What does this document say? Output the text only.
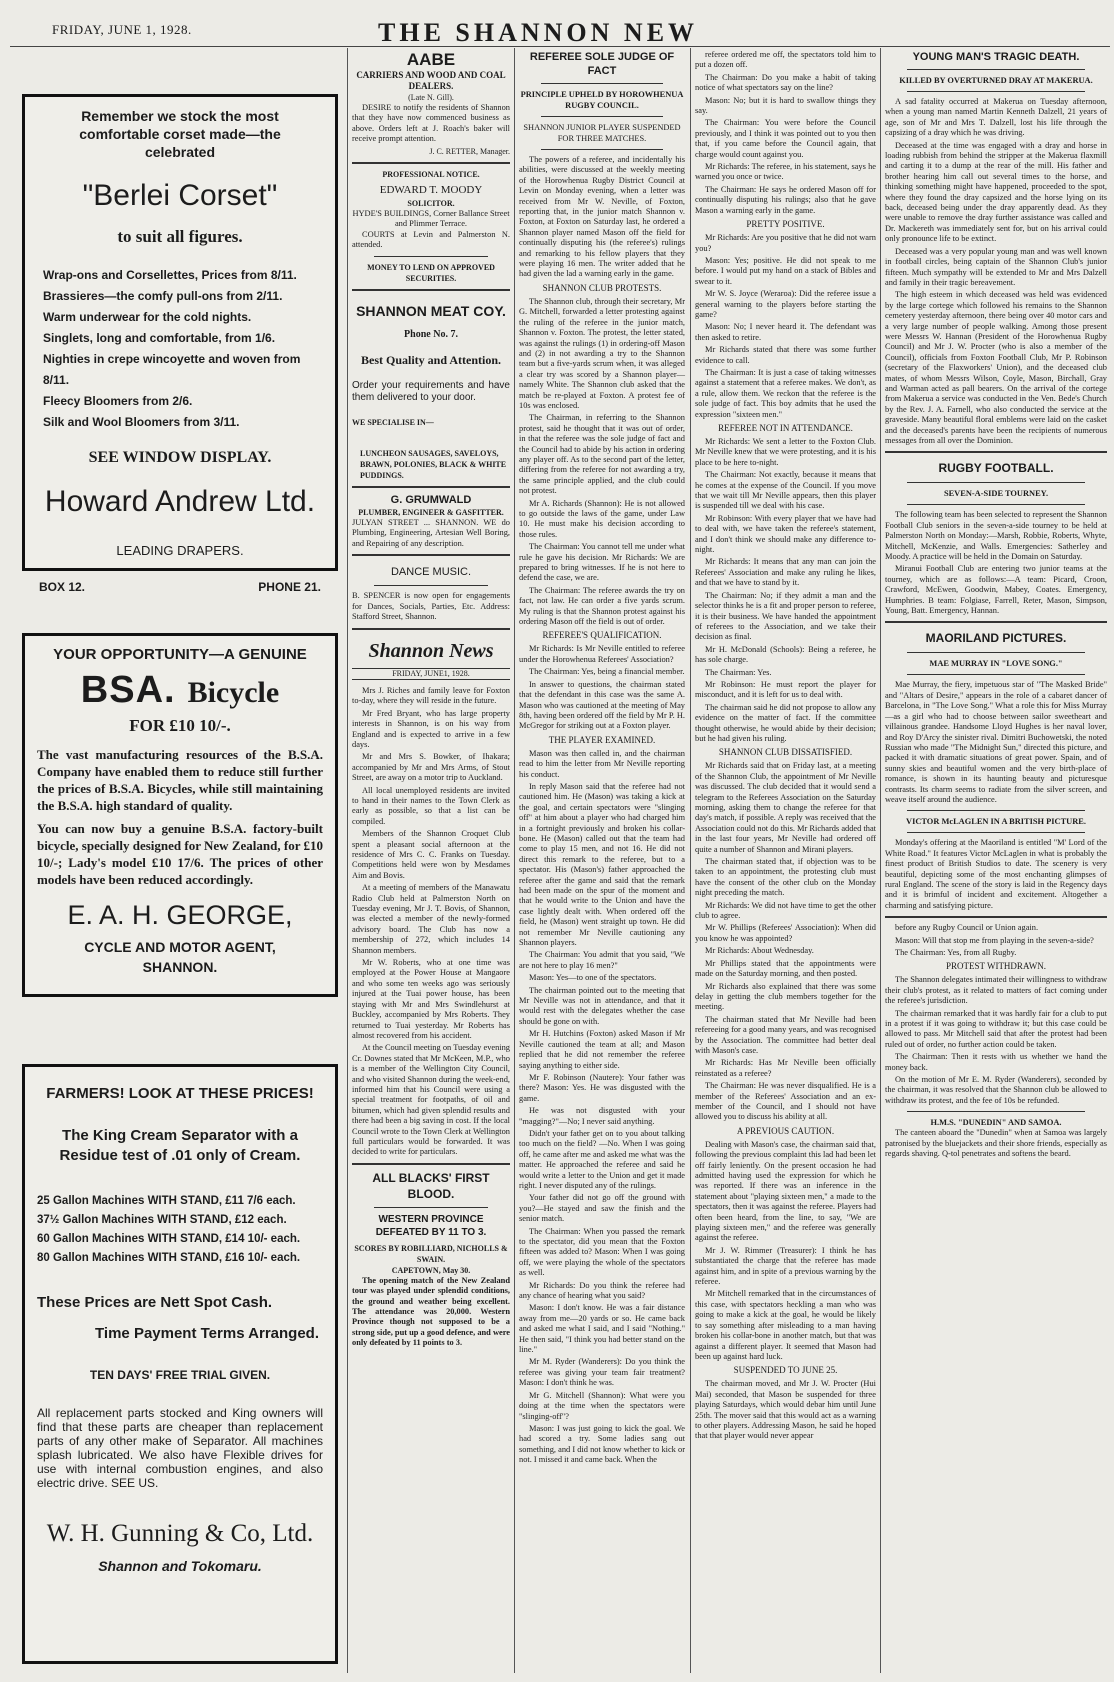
FRIDAY, JUNE 1, 1928.	THE SHANNON NEW
Remember we stock the most comfortable corset made—the celebrated
"Berlei Corset"
to suit all figures.
Wrap-ons and Corsellettes, Prices from 8/11.
Brassieres—the comfy pull-ons from 2/11.
Warm underwear for the cold nights.
Singlets, long and comfortable, from 1/6.
Nighties in crepe wincoyette and woven from 8/11.
Fleecy Bloomers from 2/6.
Silk and Wool Bloomers from 3/11.
SEE WINDOW DISPLAY.
Howard Andrew Ltd.
LEADING DRAPERS.
BOX 12.	PHONE 21.
YOUR OPPORTUNITY—A GENUINE
BSA. Bicycle
FOR £10 10/-.
The vast manufacturing resources of the B.S.A. Company have enabled them to reduce still further the prices of B.S.A. Bicycles, while still maintaining the B.S.A. high standard of quality.
You can now buy a genuine B.S.A. factory-built bicycle, specially designed for New Zealand, for £10 10/-; Lady's model £10 17/6. The prices of other models have been reduced accordingly.
E. A. H. GEORGE,
CYCLE AND MOTOR AGENT,
SHANNON.
FARMERS! LOOK AT THESE PRICES!
The King Cream Separator with a Residue test of .01 only of Cream.
25 Gallon Machines WITH STAND, £11 7/6 each.
37½ Gallon Machines WITH STAND, £12 each.
60 Gallon Machines WITH STAND, £14 10/- each.
80 Gallon Machines WITH STAND, £16 10/- each.
These Prices are Nett Spot Cash.
Time Payment Terms Arranged.
TEN DAYS' FREE TRIAL GIVEN.
All replacement parts stocked and King owners will find that these parts are cheaper than replacement parts of any other make of Separator. All machines splash lubricated. We also have Flexible drives for use with internal combustion engines, and also electric drive. SEE US.
W. H. Gunning & Co, Ltd.
Shannon and Tokomaru.
AABE
CARRIERS AND WOOD AND COAL DEALERS.
(Late N. Gill).

DESIRE to notify the residents of Shannon that they have now commenced business as above. Orders left at J. Roach's baker will receive prompt attention.

J. C. RETTER, Manager.
PROFESSIONAL NOTICE.
EDWARD T. MOODY
SOLICITOR.
HYDE'S BUILDINGS, Corner Ballance Street and Plimmer Terrace.

COURTS at Levin and Palmerston N. attended.

MONEY TO LEND ON APPROVED SECURITIES.
SHANNON MEAT COY.
Phone No. 7.
Best Quality and Attention.

Order your requirements and have them delivered to your door.

WE SPECIALISE IN—
LUNCHEON SAUSAGES, SAVELOYS, BRAWN, POLONIES, BLACK & WHITE PUDDINGS.
G. GRUMWALD
PLUMBER, ENGINEER & GASFITTER.

JULYAN STREET ... SHANNON. WE do Plumbing, Engineering, Artesian Well Boring, and Repairing of any description.

DANCE MUSIC.

B. SPENCER is now open for engagements for Dances, Socials, Parties, Etc. Address: Stafford Street, Shannon.

Shannon News
FRIDAY, JUNE1, 1928.

Mrs J. Riches and family leave for Foxton to-day, where they will reside in the future.

Mr Fred Bryant, who has large property interests in Shannon, is on his way from England and is expected to arrive in a few days.

Mr and Mrs S. Bowker, of Ihakara; accompanied by Mr and Mrs Arms, of Stout Street, are away on a motor trip to Auckland.

All local unemployed residents are invited to hand in their names to the Town Clerk as early as possible, so that a list can be compiled.

Members of the Shannon Croquet Club spent a pleasant social afternoon at the residence of Mrs C. C. Franks on Tuesday. Competitions held were won by Mesdames Aim and Bovis.

At a meeting of members of the Manawatu Radio Club held at Palmerston North on Tuesday evening, Mr J. T. Bovis, of Shannon, was elected a member of the newly-formed advisory board. The Club has now a membership of 272, which includes 14 Shannon members.

Mr W. Roberts, who at one time was employed at the Power House at Mangaore and who some ten weeks ago was seriously injured at the Tuai power house, has been staying with Mr and Mrs Swindlehurst at Buckley, accompanied by Mrs Roberts. They returned to Tuai yesterday. Mr Roberts has almost recovered from his accident.

At the Council meeting on Tuesday evening Cr. Downes stated that Mr McKeen, M.P., who is a member of the Wellington City Council, and who visited Shannon during the week-end, informed him that his Council were using a special treatment for footpaths, of oil and bitumen, which had given splendid results and there had been a big saving in cost. If the local Council wrote to the Town Clerk at Wellington full particulars would be forwarded. It was decided to write for particulars.

ALL BLACKS' FIRST BLOOD.
WESTERN PROVINCE DEFEATED BY 11 TO 3.
SCORES BY ROBILLIARD, NICHOLLS & SWAIN.
CAPETOWN, May 30.

The opening match of the New Zealand tour was played under splendid conditions, the ground and weather being excellent. The attendance was 20,000. Western Province though not supposed to be a strong side, put up a good defence, and were only defeated by 11 points to 3.

REFEREE SOLE JUDGE OF FACT
PRINCIPLE UPHELD BY HOROWHENUA RUGBY COUNCIL.
SHANNON JUNIOR PLAYER SUSPENDED FOR THREE MATCHES.

The powers of a referee, and incidentally his abilities, were discussed at the weekly meeting of the Horowhenua Rugby District Council at Levin on Monday evening, when a letter was received from Mr W. Neville, of Foxton, reporting that, in the junior match Shannon v. Foxton, at Foxton on Saturday last, he ordered a Shannon player named Mason off the field for continually disputing his (the referee's) rulings and remarking to his fellow players that they were playing 16 men. The writer added that he had given the lad a warning early in the game.

SHANNON CLUB PROTESTS.

The Shannon club, through their secretary, Mr G. Mitchell, forwarded a letter protesting against the ruling of the referee in the junior match, Shannon v. Foxton. The protest, the letter stated, was against the rulings (1) in ordering-off Mason and (2) in not awarding a try to the Shannon team but a five-yards scrum when, it was alleged a clear try was scored by a Shannon player—namely White. The Shannon club asked that the match be re-played at Foxton. A protest fee of 10s was enclosed.

The Chairman, in referring to the Shannon protest, said he thought that it was out of order, in that the referee was the sole judge of fact and the Council had to abide by his action in ordering any player off. As to the second part of the letter, differing from the referee for not awarding a try, the same principle applied, and the club could not protest.

Mr A. Richards (Shannon): He is not allowed to go outside the laws of the game, under Law 10. He must make his decision according to those rules.

The Chairman: You cannot tell me under what rule he gave his decision. Mr Richards: We are prepared to bring witnesses. If he is not here to defend the case, we are.

The Chairman: The referee awards the try on fact, not law. He can order a five yards scrum. My ruling is that the Shannon protest against his ordering Mason off the field is out of order.

REFEREE'S QUALIFICATION.

Mr Richards: Is Mr Neville entitled to referee under the Horowhenua Referees' Association?

The Chairman: Yes, being a financial member.

In answer to questions, the chairman stated that the defendant in this case was the same A. Mason who was cautioned at the meeting of May 8th, having been ordered off the field by Mr P. H. McGregor for striking out at a Foxton player.

THE PLAYER EXAMINED.

Mason was then called in, and the chairman read to him the letter from Mr Neville reporting his conduct.

In reply Mason said that the referee had not cautioned him. He (Mason) was taking a kick at the goal, and certain spectators were "slinging off" at him about a player who had charged him in a fortnight previously and broken his collar-bone. He (Mason) called out that the team had come to play 15 men, and not 16. He did not direct this remark to the referee, but to a spectator. His (Mason's) father approached the referee after the game and said that the remark had been made on the spur of the moment and that he would write to the Union and have the case lightly dealt with. When ordered off the field, he (Mason) went straight up town. He did not remember Mr Neville cautioning any Shannon players.

The Chairman: You admit that you said, "We are not here to play 16 men?"

Mason: Yes—to one of the spectators.

The chairman pointed out to the meeting that Mr Neville was not in attendance, and that it would rest with the delegates whether the case should be gone on with.

Mr H. Hutchins (Foxton) asked Mason if Mr Neville cautioned the team at all; and Mason replied that he did not remember the referee saying anything to either side.

Mr F. Robinson (Nautere): Your father was there? Mason: Yes. He was disgusted with the game.

He was not disgusted with your "magging?"—No; I never said anything.

Didn't your father get on to you about talking too much on the field? —No. When I was going off, he came after me and asked me what was the matter. He approached the referee and said he would write a letter to the Union and get it made right. I never disputed any of the rulings.

Your father did not go off the ground with you?—He stayed and saw the finish and the senior match.

The Chairman: When you passed the remark to the spectator, did you mean that the Foxton fifteen was added to? Mason: When I was going off, we were playing the whole of the spectators as well.

Mr Richards: Do you think the referee had any chance of hearing what you said?

Mason: I don't know. He was a fair distance away from me—20 yards or so. He came back and asked me what I said, and I said "Nothing." He then said, "I think you had better stand on the line."

Mr M. Ryder (Wanderers): Do you think the referee was giving your team fair treatment? Mason: I don't think he was.

Mr G. Mitchell (Shannon): What were you doing at the time when the spectators were "slinging-off"?

Mason: I was just going to kick the goal. We had scored a try. Some ladies sang out something, and I did not know whether to kick or not. I missed it and came back. When the

referee ordered me off, the spectators told him to put a dozen off.

The Chairman: Do you make a habit of taking notice of what spectators say on the line?

Mason: No; but it is hard to swallow things they say.

The Chairman: You were before the Council previously, and I think it was pointed out to you then that, if you came before the Council again, that charge would count against you.

Mr Richards: The referee, in his statement, says he warned you once or twice.

The Chairman: He says he ordered Mason off for continually disputing his rulings; also that he gave Mason a warning early in the game.

PRETTY POSITIVE.

Mr Richards: Are you positive that he did not warn you?

Mason: Yes; positive. He did not speak to me before. I would put my hand on a stack of Bibles and swear to it.

Mr W. S. Joyce (Weraroa): Did the referee issue a general warning to the players before starting the game?

Mason: No; I never heard it. The defendant was then asked to retire.

Mr Richards stated that there was some further evidence to call.

The Chairman: It is just a case of taking witnesses against a statement that a referee makes. We don't, as a rule, allow them. We reckon that the referee is the sole judge of fact. This boy admits that he used the expression "sixteen men."

REFEREE NOT IN ATTENDANCE.

Mr Richards: We sent a letter to the Foxton Club. Mr Neville knew that we were protesting, and it is his place to be here to-night.

The Chairman: Not exactly, because it means that he comes at the expense of the Council. If you move that we wait till Mr Neville appears, then this player is suspended till we deal with his case.

Mr Robinson: With every player that we have had to deal with, we have taken the referee's statement, and I don't think we should make any difference to-night.

Mr Richards: It means that any man can join the Referees' Association and make any ruling he likes, and that we have to stand by it.

The Chairman: No; if they admit a man and the selector thinks he is a fit and proper person to referee, it is their business. We have handed the appointment of referees to the Association, and we take their decision as final.

Mr H. McDonald (Schools): Being a referee, he has sole charge.

The Chairman: Yes.

Mr Robinson: He must report the player for misconduct, and it is left for us to deal with.

The chairman said he did not propose to allow any evidence on the matter of fact. If the committee thought otherwise, he would abide by their decision; but he had given his ruling.

SHANNON CLUB DISSATISFIED.

Mr Richards said that on Friday last, at a meeting of the Shannon Club, the appointment of Mr Neville was discussed. The club decided that it would send a telegram to the Referees Association on the Saturday morning, asking them to change the referee for that day's match, if possible. A reply was received that the Association could not do this. Mr Richards added that in the last four years, Mr Neville had ordered off quite a number of Shannon and Mirani players.

The chairman stated that, if objection was to be taken to an appointment, the protesting club must have the consent of the other club on the Monday night preceding the match.

Mr Richards: We did not have time to get the other club to agree.

Mr W. Phillips (Referees' Association): When did you know he was appointed?

Mr Richards: About Wednesday.

Mr Phillips stated that the appointments were made on the Saturday morning, and then posted.

Mr Richards also explained that there was some delay in getting the club members together for the meeting.

The chairman stated that Mr Neville had been refereeing for a good many years, and was recognised by the Association. The committee had better deal with Mason's case.

Mr Richards: Has Mr Neville been officially reinstated as a referee?

The Chairman: He was never disqualified. He is a member of the Referees' Association and an ex-member of the Council, and I should not have allowed you to discuss his ability at all.

A PREVIOUS CAUTION.

Dealing with Mason's case, the chairman said that, following the previous complaint this lad had been let off fairly leniently. On the present occasion he had admitted having used the expression for which he was reported. If there was an inference in the statement about "playing sixteen men," a made to the spectators, then it was against the referee. Players had often been heard, from the line, to say, "We are playing sixteen men," and the referee was generally against the referee.

Mr J. W. Rimmer (Treasurer): I think he has substantiated the charge that the referee has made against him, and in spite of a previous warning by the referee.

Mr Mitchell remarked that in the circumstances of this case, with spectators heckling a man who was going to make a kick at the goal, he would be likely to say something after misleading to a man having broken his collar-bone in another match, but that was against a different player. It seemed that Mason had been up against hard luck.

SUSPENDED TO JUNE 25.

The chairman moved, and Mr J. W. Procter (Hui Mai) seconded, that Mason be suspended for three playing Saturdays, which would debar him until June 25th. The mover said that this would act as a warning to other players. Addressing Mason, he said he hoped that that player would never appear

YOUNG MAN'S TRAGIC DEATH.
KILLED BY OVERTURNED DRAY AT MAKERUA.

A sad fatality occurred at Makerua on Tuesday afternoon, when a young man named Martin Kenneth Dalzell, 21 years of age, son of Mr and Mrs T. Dalzell, lost his life through the capsizing of a dray which he was driving.

Deceased at the time was engaged with a dray and horse in loading rubbish from behind the stripper at the Makerua flaxmill and carting it to a dump at the rear of the mill. His father and brother hearing him call out several times to the horse, and thinking something might have happened, proceeded to the spot, where they found the dray capsized and the horse lying on its back, deceased being under the dray apparently dead. As they were unable to remove the dray further assistance was called and Dr. Mackereth was immediately sent for, but on his arrival could only pronounce life to be extinct.

Deceased was a very popular young man and was well known in football circles, being captain of the Shannon Club's junior fifteen. Much sympathy will be extended to Mr and Mrs Dalzell and family in their tragic bereavement.

The high esteem in which deceased was held was evidenced by the large cortege which followed his remains to the Shannon cemetery yesterday afternoon, there being over 40 motor cars and a very large number of people walking. Among those present were Messrs W. Hannan (President of the Horowhenua Rugby Council) and Mr J. W. Procter (who is also a member of the Council), officials from Foxton Football Club, Mr P. Robinson (secretary of the Flaxworkers' Union), and the deceased club mates, of whom Messrs Wilson, Coyle, Mason, Birchall, Gray and Warman acted as pall bearers. On the arrival of the cortege from Makerua a service was conducted in the Ven. Bede's Church by the Rev. J. A. Farnell, who also conducted the service at the graveside. Many beautiful floral emblems were laid on the casket and the deceased's parents have been the recipients of numerous messages from all over the Dominion.

RUGBY FOOTBALL.
SEVEN-A-SIDE TOURNEY.

The following team has been selected to represent the Shannon Football Club seniors in the seven-a-side tourney to be held at Palmerston North on Monday:—Marsh, Robbie, Roberts, Whyte, Mitchell, McKenzie, and Walls. Emergencies: Satherley and Moody. A practice will be held in the Domain on Saturday.

Miranui Football Club are entering two junior teams at the tourney, which are as follows:—A team: Picard, Croon, Crawford, McEwen, Goodwin, Mabey, Coates. Emergency, Humphries. B team: Folgiase, Farrell, Reter, Mason, Simpson, Young, Batt. Emergency, Hannan.

MAORILAND PICTURES.
MAE MURRAY IN "LOVE SONG."

Mae Murray, the fiery, impetuous star of "The Masked Bride" and "Altars of Desire," appears in the role of a cabaret dancer of Barcelona, in "The Love Song." What a role this for Miss Murray—as a girl who had to choose between sailor sweetheart and villainous grandee. Handsome Lloyd Hughes is her naval lover, and Roy D'Arcy the sinister rival. Dimitri Buchowetski, the noted Russian who made "The Midnight Sun," directed this picture, and packed it with dramatic situations of great power. Spain, and of sunny skies and beautiful women and the very birth-place of romance, is shown in its haunting beauty and picturesque contrasts. Its charm seems to radiate from the silver screen, and weave itself around the audience.

VICTOR McLAGLEN IN A BRITISH PICTURE.

Monday's offering at the Maoriland is entitled "M' Lord of the White Road." It features Victor McLaglen in what is probably the finest product of British Studios to date. The scenery is very beautiful, depicting some of the most enchanting glimpses of rural England. The scene of the story is laid in the Regency days and it is brimful of incident and excitement. Altogether a charming and satisfying picture.

before any Rugby Council or Union again.

Mason: Will that stop me from playing in the seven-a-side?

The Chairman: Yes, from all Rugby.

PROTEST WITHDRAWN.

The Shannon delegates intimated their willingness to withdraw their club's protest, as it related to matters of fact coming under the referee's jurisdiction.

The chairman remarked that it was hardly fair for a club to put in a protest if it was going to withdraw it; but this case could be allowed to pass. Mr Mitchell said that after the protest had been ruled out of order, no further action could be taken.

The Chairman: Then it rests with us whether we hand the money back.

On the motion of Mr E. M. Ryder (Wanderers), seconded by the chairman, it was resolved that the Shannon club be allowed to withdraw its protest, and the fee of 10s be refunded.

H.M.S. "DUNEDIN" AND SAMOA.

The canteen aboard the "Dunedin" when at Samoa was largely patronised by the bluejackets and their shore friends, especially as regards shaving. Q-tol penetrates and softens the beard.
